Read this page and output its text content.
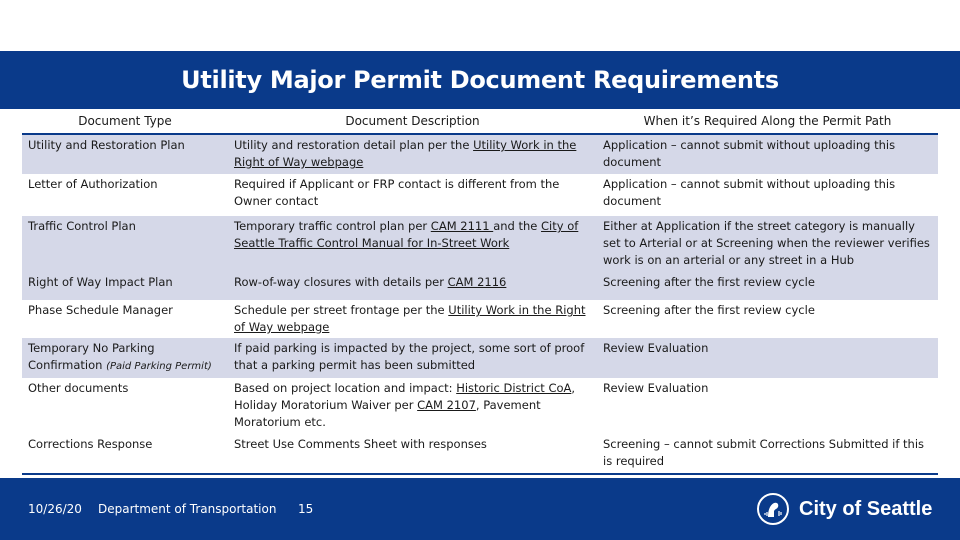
Utility Major Permit Document Requirements
Document Type	Document Description	When it’s Required Along the Permit Path
Utility and Restoration Plan	Utility and restoration detail plan per the Utility Work in the Right of Way webpage	Application – cannot submit without uploading this document
Letter of Authorization	Required if Applicant or FRP contact is different from the Owner contact	Application – cannot submit without uploading this document
Traffic Control Plan	Temporary traffic control plan per CAM 2111 and the City of Seattle Traffic Control Manual for In-Street Work	Either at Application if the street category is manually set to Arterial or at Screening when the reviewer verifies work is on an arterial or any street in a Hub
Right of Way Impact Plan	Row-of-way closures with details per CAM 2116	Screening after the first review cycle
Phase Schedule Manager	Schedule per street frontage per the Utility Work in the Right of Way webpage	Screening after the first review cycle
Temporary No Parking Confirmation (Paid Parking Permit)	If paid parking is impacted by the project, some sort of proof that a parking permit has been submitted	Review Evaluation
Other documents	Based on project location and impact: Historic District CoA, Holiday Moratorium Waiver per CAM 2107, Pavement Moratorium etc.	Review Evaluation
Corrections Response	Street Use Comments Sheet with responses	Screening – cannot submit Corrections Submitted if this is required
10/26/20 Department of Transportation 15	City of Seattle
